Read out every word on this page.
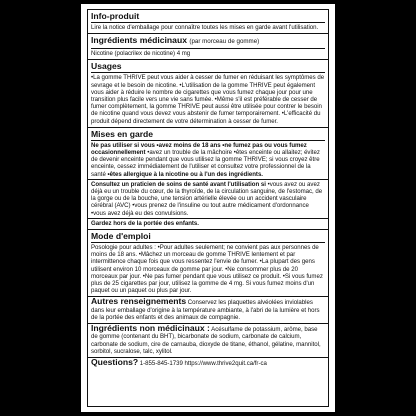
Info-produit

Lire la notice d'emballage pour connaître toutes les mises en garde avant l'utilisation.

Ingrédients médicinaux (par morceau de gomme)

Nicotine (polacrilex de nicotine) 4 mg

Usages

•La gomme THRIVE peut vous aider à cesser de fumer en réduisant les symptômes de sevrage et le besoin de nicotine. •L'utilisation de la gomme THRIVE peut également vous aider à réduire le nombre de cigarettes que vous fumez chaque jour pour une transition plus facile vers une vie sans fumée. •Même s'il est préférable de cesser de fumer complètement, la gomme THRIVE peut aussi être utilisée pour contrer le besoin de nicotine quand vous devez vous abstenir de fumer temporairement. •L'efficacité du produit dépend directement de votre détermination à cesser de fumer.

Mises en garde

Ne pas utiliser si vous •avez moins de 18 ans •ne fumez pas ou vous fumez occasionnellement •avez un trouble de la mâchoire •êtes enceinte ou allaitez; évitez de devenir enceinte pendant que vous utilisez la gomme THRIVE; si vous croyez être enceinte, cessez immédiatement de l'utiliser et consultez votre professionnel de la santé •êtes allergique à la nicotine ou à l'un des ingrédients.

Consultez un praticien de soins de santé avant l'utilisation si •vous avez ou avez déjà eu un trouble du cœur, de la thyroïde, de la circulation sanguine, de l'estomac, de la gorge ou de la bouche, une tension artérielle élevée ou un accident vasculaire cérébral (AVC) •vous prenez de l'insuline ou tout autre médicament d'ordonnance •vous avez déjà eu des convulsions.

Gardez hors de la portée des enfants.

Mode d'emploi

Posologie pour adultes : •Pour adultes seulement; ne convient pas aux personnes de moins de 18 ans. •Mâchez un morceau de gomme THRIVE lentement et par intermittence chaque fois que vous ressentez l'envie de fumer. •La plupart des gens utilisent environ 10 morceaux de gomme par jour. •Ne consommer plus de 20 morceaux par jour. •Ne pas fumer pendant que vous utilisez ce produit. •Si vous fumez plus de 25 cigarettes par jour, utilisez la gomme de 4 mg. Si vous fumez moins d'un paquet ou un paquet ou plus par jour.

Autres renseignements Conservez les plaquettes alvéolées inviolables dans leur emballage d'origine à la température ambiante, à l'abri de la lumière et hors de la portée des enfants et des animaux de compagnie.

Ingrédients non médicinaux : Acésulfame de potassium, arôme, base de gomme (contenant du BHT), bicarbonate de sodium, carbonate de calcium, carbonate de sodium, cire de carnauba, dioxyde de titane, éthanol, gélatine, mannitol, sorbitol, sucralose, talc, xylitol.

Questions? 1-855-845-1739 https://www.thrive2quit.ca/fr-ca
